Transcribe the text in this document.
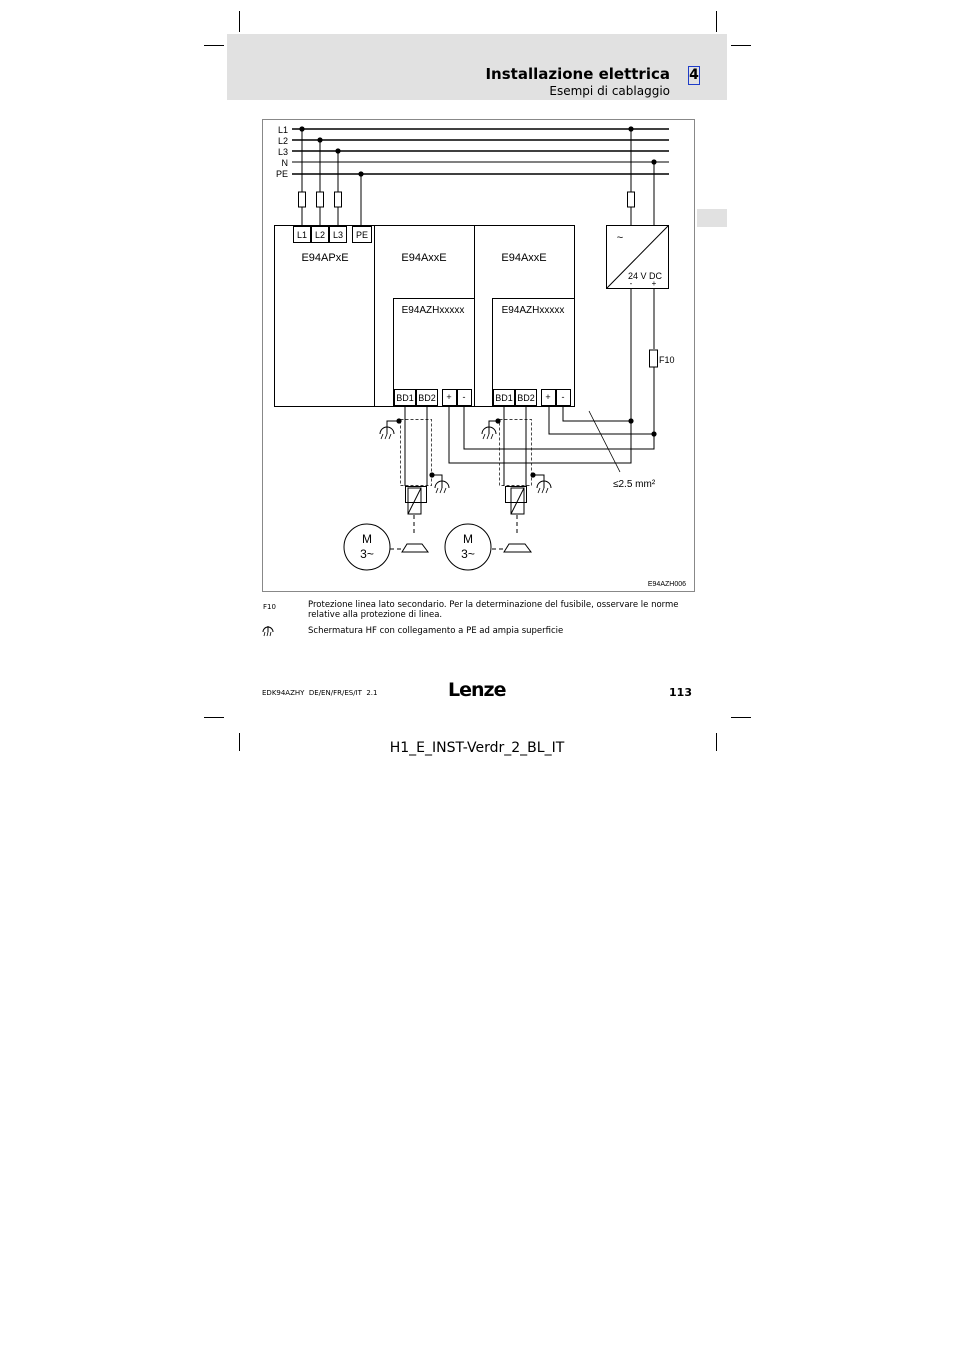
Installazione elettrica 4
Esempi di cablaggio
L1
L2
L3
N
PE
L1 L2 L3 PE
E94APxE	E94AxxE	E94AxxE
E94AZHxxxxx	E94AZHxxxxx
BD1 BD2 + -	BD1 BD2 + -
~
24 V DC
- +
F10
≤2.5 mm²
M
3~
M
3~
E94AZH006
F10	Protezione linea lato secondario. Per la determinazione del fusibile, osservare le norme relative alla protezione di linea.
Schermatura HF con collegamento a PE ad ampia superficie
EDK94AZHY  DE/EN/FR/ES/IT  2.1	Lenze	113
H1_E_INST-Verdr_2_BL_IT
